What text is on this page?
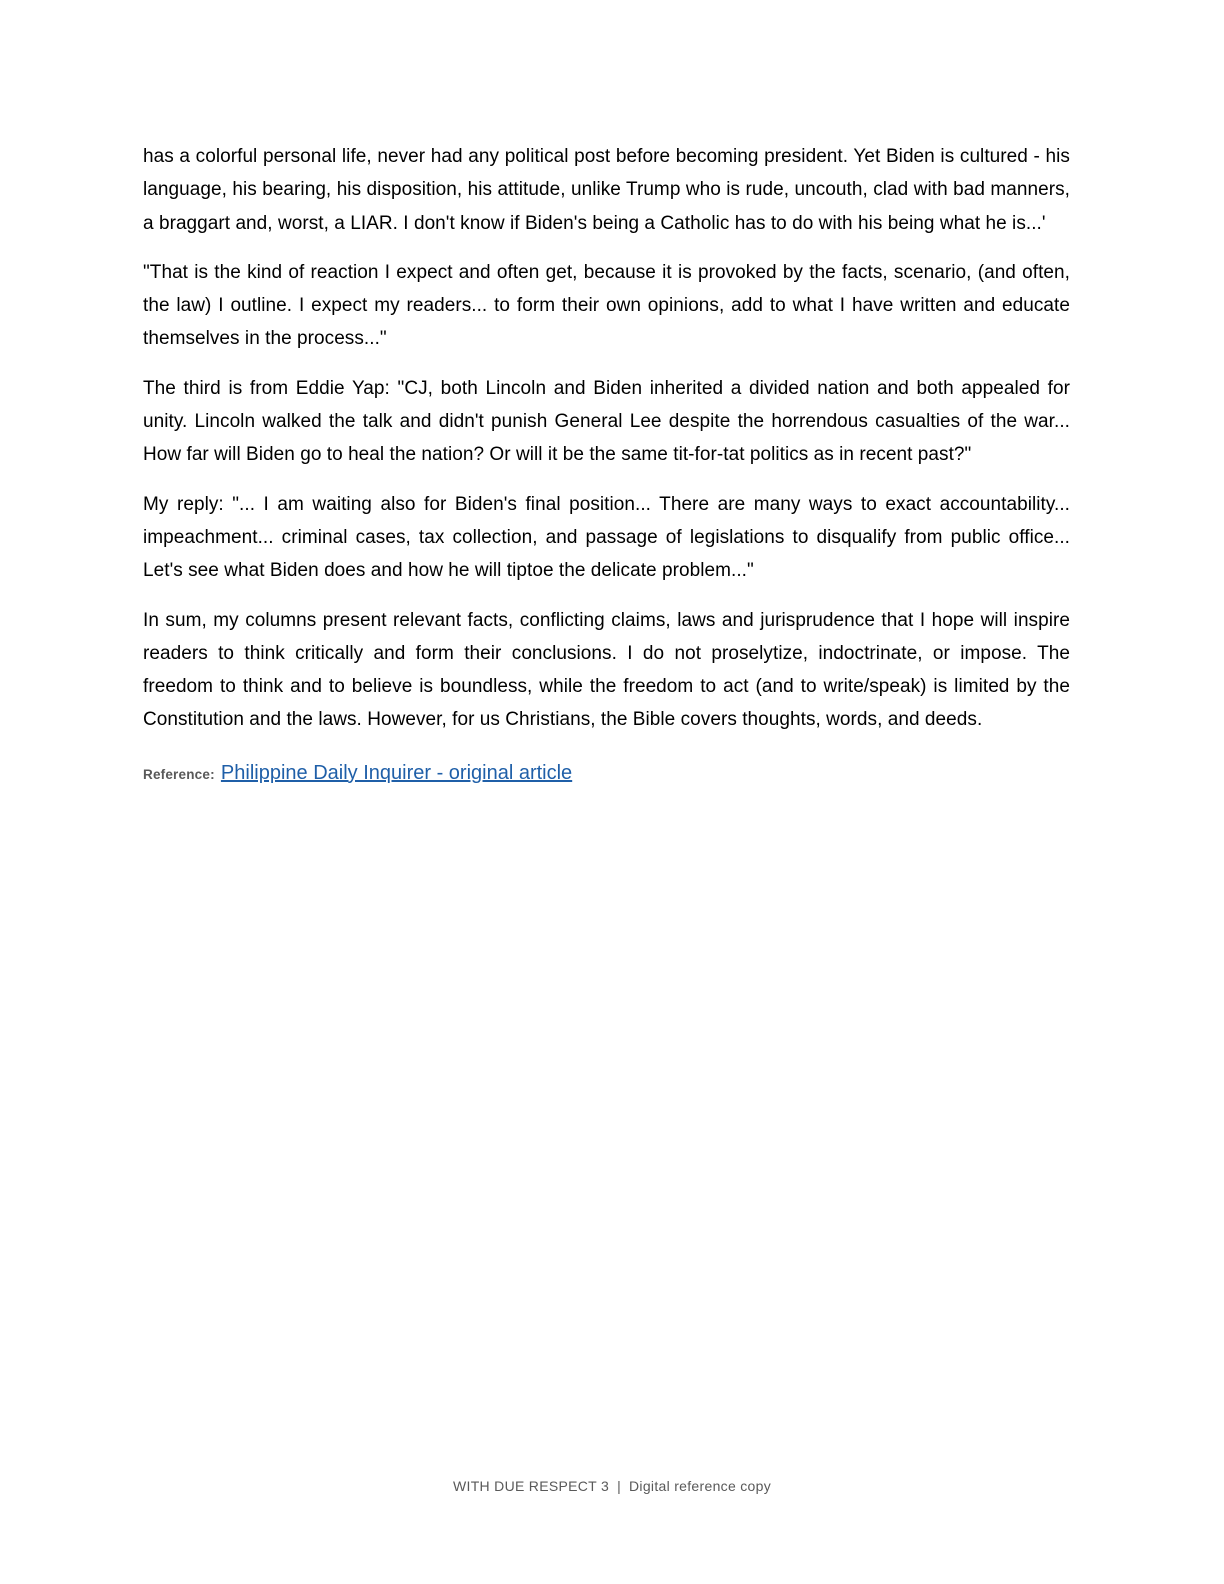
has a colorful personal life, never had any political post before becoming president. Yet Biden is cultured - his language, his bearing, his disposition, his attitude, unlike Trump who is rude, uncouth, clad with bad manners, a braggart and, worst, a LIAR. I don't know if Biden's being a Catholic has to do with his being what he is...'

"That is the kind of reaction I expect and often get, because it is provoked by the facts, scenario, (and often, the law) I outline. I expect my readers... to form their own opinions, add to what I have written and educate themselves in the process..."

The third is from Eddie Yap: "CJ, both Lincoln and Biden inherited a divided nation and both appealed for unity. Lincoln walked the talk and didn't punish General Lee despite the horrendous casualties of the war... How far will Biden go to heal the nation? Or will it be the same tit-for-tat politics as in recent past?"

My reply: "... I am waiting also for Biden's final position... There are many ways to exact accountability... impeachment... criminal cases, tax collection, and passage of legislations to disqualify from public office... Let's see what Biden does and how he will tiptoe the delicate problem..."

In sum, my columns present relevant facts, conflicting claims, laws and jurisprudence that I hope will inspire readers to think critically and form their conclusions. I do not proselytize, indoctrinate, or impose. The freedom to think and to believe is boundless, while the freedom to act (and to write/speak) is limited by the Constitution and the laws. However, for us Christians, the Bible covers thoughts, words, and deeds.

Reference: Philippine Daily Inquirer - original article
WITH DUE RESPECT 3 | Digital reference copy
